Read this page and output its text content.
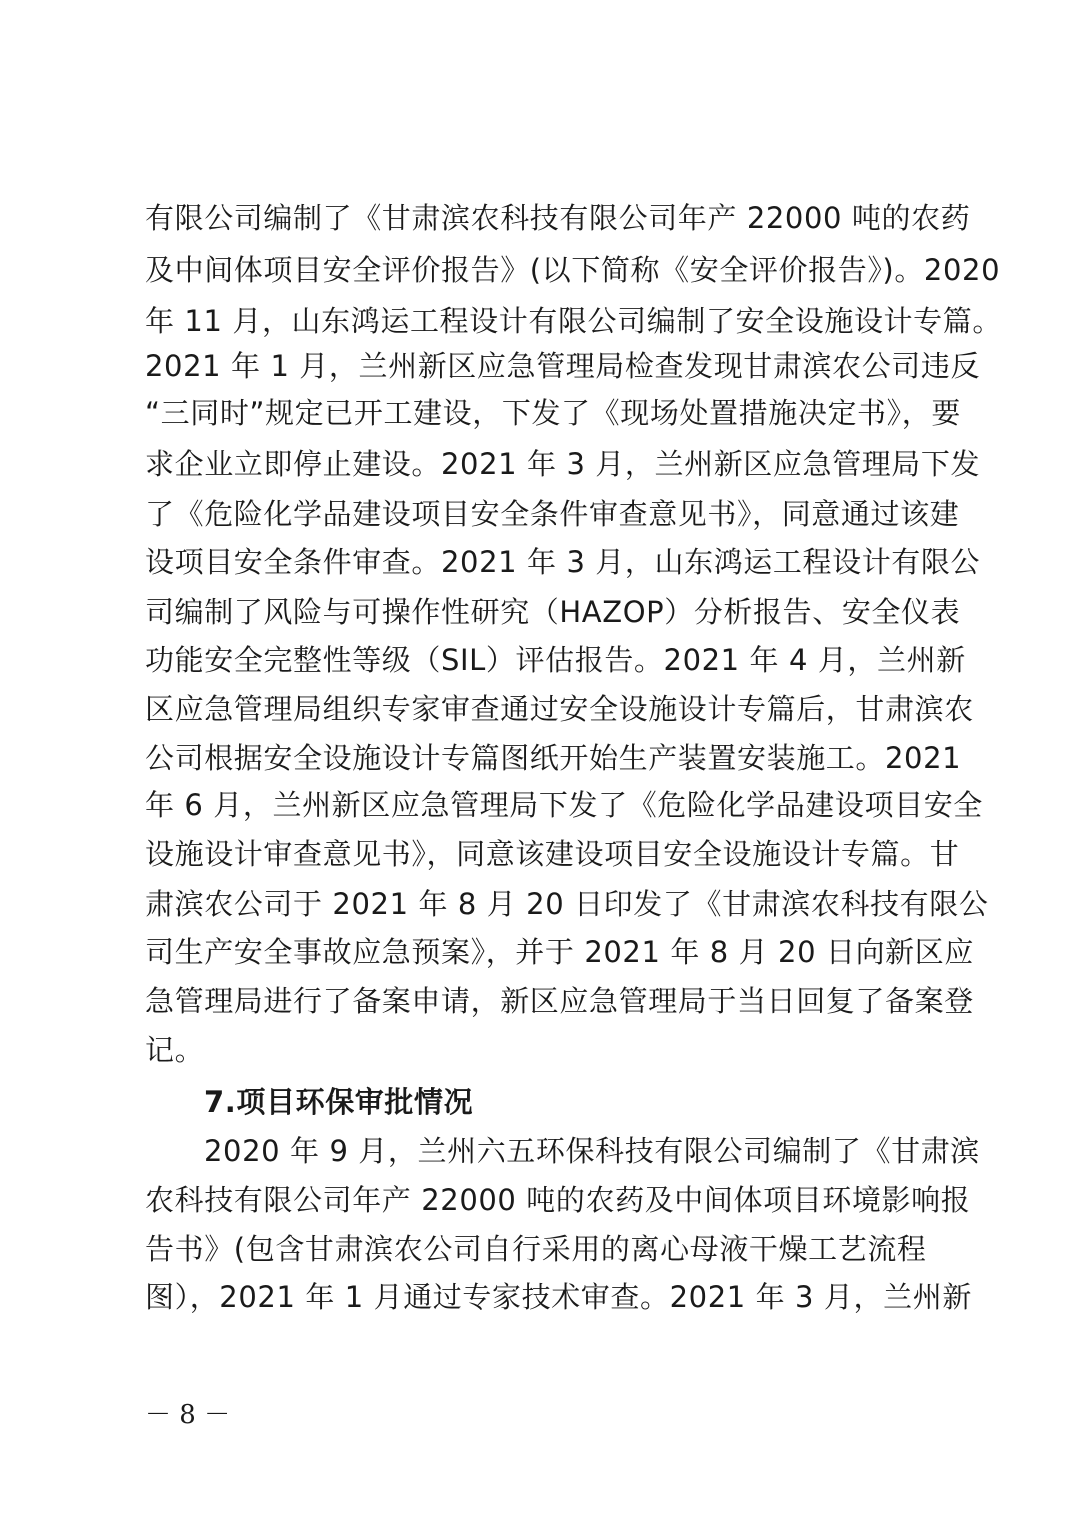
有限公司编制了《甘肃滨农科技有限公司年产 22000 吨的农药
及中间体项目安全评价报告》(以下简称《安全评价报告》)。2020
年 11 月，山东鸿运工程设计有限公司编制了安全设施设计专篇。
2021 年 1 月，兰州新区应急管理局检查发现甘肃滨农公司违反
“三同时”规定已开工建设，下发了《现场处置措施决定书》，要
求企业立即停止建设。2021 年 3 月，兰州新区应急管理局下发
了《危险化学品建设项目安全条件审查意见书》，同意通过该建
设项目安全条件审查。2021 年 3 月，山东鸿运工程设计有限公
司编制了风险与可操作性研究（HAZOP）分析报告、安全仪表
功能安全完整性等级（SIL）评估报告。2021 年 4 月，兰州新
区应急管理局组织专家审查通过安全设施设计专篇后，甘肃滨农
公司根据安全设施设计专篇图纸开始生产装置安装施工。2021
年 6 月，兰州新区应急管理局下发了《危险化学品建设项目安全
设施设计审查意见书》，同意该建设项目安全设施设计专篇。甘
肃滨农公司于 2021 年 8 月 20 日印发了《甘肃滨农科技有限公
司生产安全事故应急预案》，并于 2021 年 8 月 20 日向新区应
急管理局进行了备案申请，新区应急管理局于当日回复了备案登
记。
7.项目环保审批情况
2020 年 9 月，兰州六五环保科技有限公司编制了《甘肃滨
农科技有限公司年产 22000 吨的农药及中间体项目环境影响报
告书》(包含甘肃滨农公司自行采用的离心母液干燥工艺流程
图），2021 年 1 月通过专家技术审查。2021 年 3 月，兰州新
－ 8 －
